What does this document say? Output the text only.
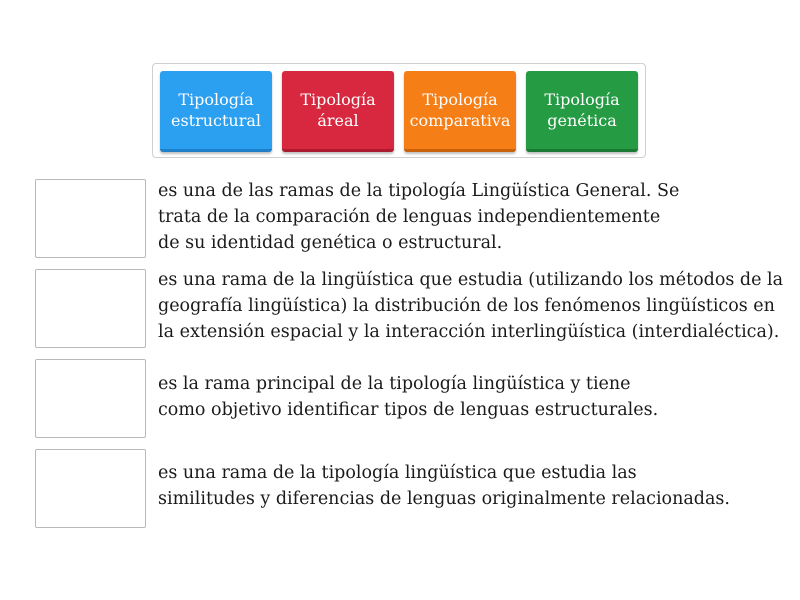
Tipología
estructural
Tipología
áreal
Tipología
comparativa
Tipología
genética
es una de las ramas de la tipología Lingüística General. Se
trata de la comparación de lenguas independientemente
de su identidad genética o estructural.
es una rama de la lingüística que estudia (utilizando los métodos de la
geografía lingüística) la distribución de los fenómenos lingüísticos en
la extensión espacial y la interacción interlingüística (interdialéctica).
es la rama principal de la tipología lingüística y tiene
como objetivo identificar tipos de lenguas estructurales.
es una rama de la tipología lingüística que estudia las
similitudes y diferencias de lenguas originalmente relacionadas.
